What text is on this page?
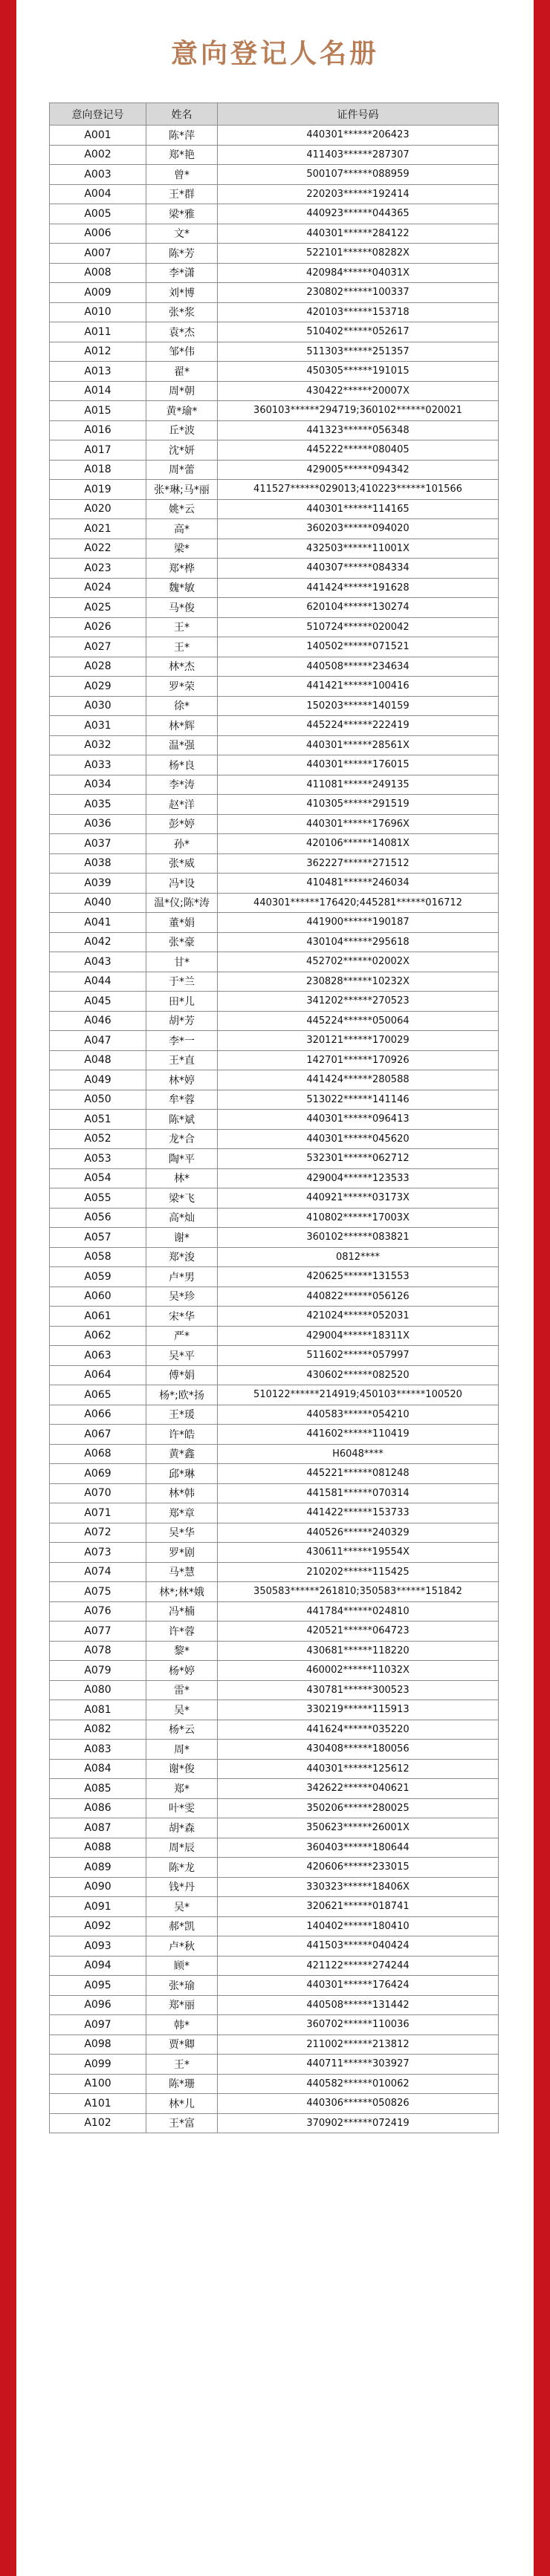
意向登记人名册
意向登记号	姓名	证件号码
A001	陈*萍	440301******206423
A002	郑*艳	411403******287307
A003	曾*	500107******088959
A004	王*群	220203******192414
A005	梁*雅	440923******044365
A006	文*	440301******284122
A007	陈*芳	522101******08282X
A008	李*潇	420984******04031X
A009	刘*博	230802******100337
A010	张*浆	420103******153718
A011	袁*杰	510402******052617
A012	邹*伟	511303******251357
A013	翟*	450305******191015
A014	周*朝	430422******20007X
A015	黄*瑜*	360103******294719;360102******020021
A016	丘*波	441323******056348
A017	沈*妍	445222******080405
A018	周*蕾	429005******094342
A019	张*琳;马*丽	411527******029013;410223******101566
A020	姚*云	440301******114165
A021	高*	360203******094020
A022	梁*	432503******11001X
A023	郑*桦	440307******084334
A024	魏*敏	441424******191628
A025	马*俊	620104******130274
A026	王*	510724******020042
A027	王*	140502******071521
A028	林*杰	440508******234634
A029	罗*荣	441421******100416
A030	徐*	150203******140159
A031	林*辉	445224******222419
A032	温*强	440301******28561X
A033	杨*良	440301******176015
A034	李*涛	411081******249135
A035	赵*洋	410305******291519
A036	彭*婷	440301******17696X
A037	孙*	420106******14081X
A038	张*威	362227******271512
A039	冯*设	410481******246034
A040	温*仪;陈*涛	440301******176420;445281******016712
A041	董*娟	441900******190187
A042	张*豪	430104******295618
A043	甘*	452702******02002X
A044	于*兰	230828******10232X
A045	田*儿	341202******270523
A046	胡*芳	445224******050064
A047	李*一	320121******170029
A048	王*直	142701******170926
A049	林*婷	441424******280588
A050	牟*蓉	513022******141146
A051	陈*斌	440301******096413
A052	龙*合	440301******045620
A053	陶*平	532301******062712
A054	林*	429004******123533
A055	梁*飞	440921******03173X
A056	高*灿	410802******17003X
A057	谢*	360102******083821
A058	郑*浚	0812****
A059	卢*男	420625******131553
A060	吴*珍	440822******056126
A061	宋*华	421024******052031
A062	严*	429004******18311X
A063	吴*平	511602******057997
A064	傅*娟	430602******082520
A065	杨*;欧*扬	510122******214919;450103******100520
A066	王*瑗	440583******054210
A067	许*皓	441602******110419
A068	黄*鑫	H6048****
A069	邱*琳	445221******081248
A070	林*韩	441581******070314
A071	郑*章	441422******153733
A072	吴*华	440526******240329
A073	罗*剧	430611******19554X
A074	马*慧	210202******115425
A075	林*;林*娥	350583******261810;350583******151842
A076	冯*楠	441784******024810
A077	许*蓉	420521******064723
A078	黎*	430681******118220
A079	杨*婷	460002******11032X
A080	雷*	430781******300523
A081	吴*	330219******115913
A082	杨*云	441624******035220
A083	周*	430408******180056
A084	谢*俊	440301******125612
A085	郑*	342622******040621
A086	叶*雯	350206******280025
A087	胡*森	350623******26001X
A088	周*辰	360403******180644
A089	陈*龙	420606******233015
A090	钱*丹	330323******18406X
A091	吴*	320621******018741
A092	郝*凯	140402******180410
A093	卢*秋	441503******040424
A094	顾*	421122******274244
A095	张*瑜	440301******176424
A096	郑*丽	440508******131442
A097	韩*	360702******110036
A098	贾*卿	211002******213812
A099	王*	440711******303927
A100	陈*珊	440582******010062
A101	林*儿	440306******050826
A102	王*富	370902******072419
